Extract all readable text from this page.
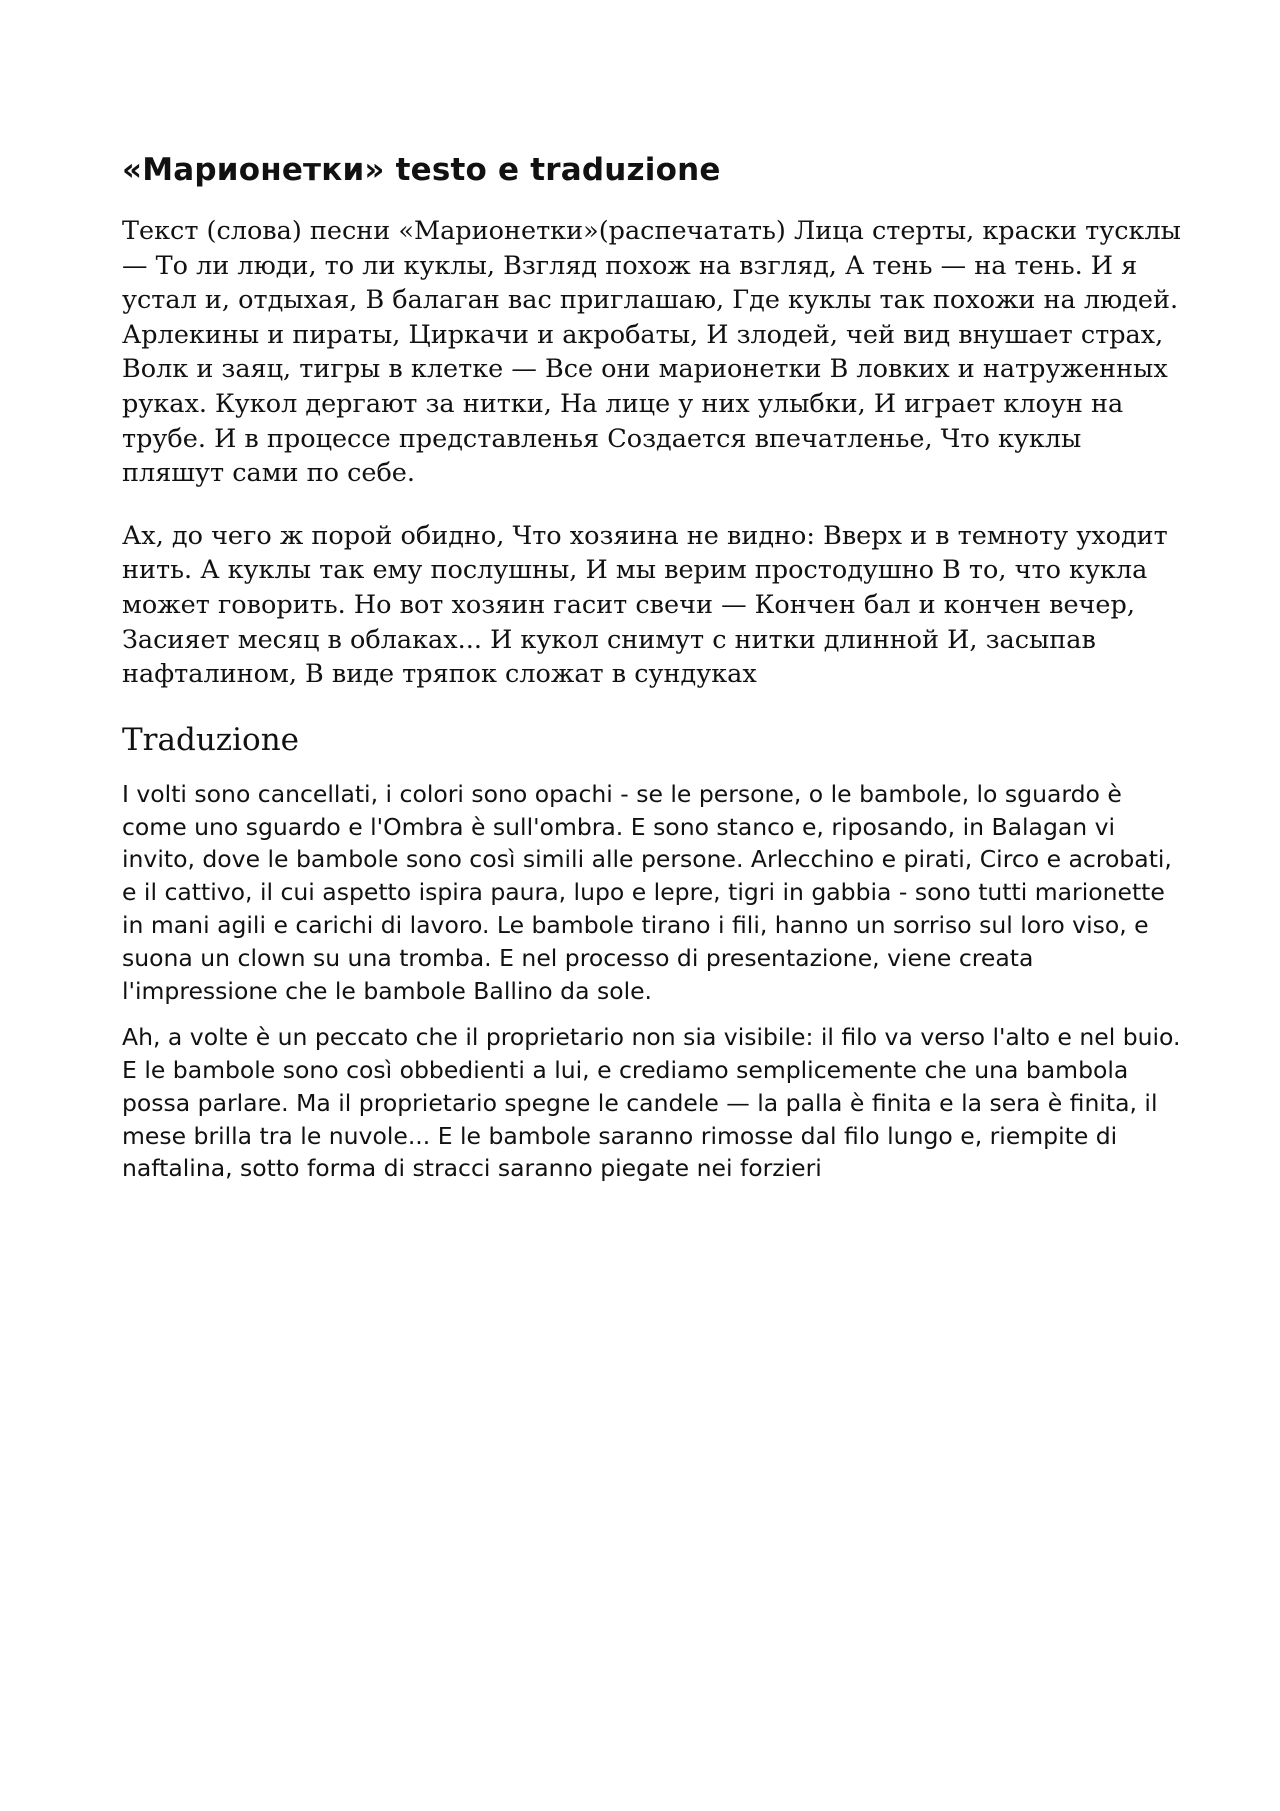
«Марионетки» testo e traduzione

Текст (слова) песни «Марионетки»(распечатать) Лица стерты, краски тусклы — То ли люди, то ли куклы, Взгляд похож на взгляд, А тень — на тень. И я устал и, отдыхая, В балаган вас приглашаю, Где куклы так похожи на людей. Арлекины и пираты, Циркачи и акробаты, И злодей, чей вид внушает страх, Волк и заяц, тигры в клетке — Все они марионетки В ловких и натруженных руках. Кукол дергают за нитки, На лице у них улыбки, И играет клоун на трубе. И в процессе представленья Создается впечатленье, Что куклы пляшут сами по себе.

Ах, до чего ж порой обидно, Что хозяина не видно: Вверх и в темноту уходит нить. А куклы так ему послушны, И мы верим простодушно В то, что кукла может говорить. Но вот хозяин гасит свечи — Кончен бал и кончен вечер, Засияет месяц в облаках... И кукол снимут с нитки длинной И, засыпав нафталином, В виде тряпок сложат в сундуках

Traduzione

I volti sono cancellati, i colori sono opachi - se le persone, o le bambole, lo sguardo è come uno sguardo e l'Ombra è sull'ombra. E sono stanco e, riposando, in Balagan vi invito, dove le bambole sono così simili alle persone. Arlecchino e pirati, Circo e acrobati, e il cattivo, il cui aspetto ispira paura, lupo e lepre, tigri in gabbia - sono tutti marionette in mani agili e carichi di lavoro. Le bambole tirano i fili, hanno un sorriso sul loro viso, e suona un clown su una tromba. E nel processo di presentazione, viene creata l'impressione che le bambole Ballino da sole.

Ah, a volte è un peccato che il proprietario non sia visibile: il filo va verso l'alto e nel buio. E le bambole sono così obbedienti a lui, e crediamo semplicemente che una bambola possa parlare. Ma il proprietario spegne le candele — la palla è finita e la sera è finita, il mese brilla tra le nuvole... E le bambole saranno rimosse dal filo lungo e, riempite di naftalina, sotto forma di stracci saranno piegate nei forzieri
